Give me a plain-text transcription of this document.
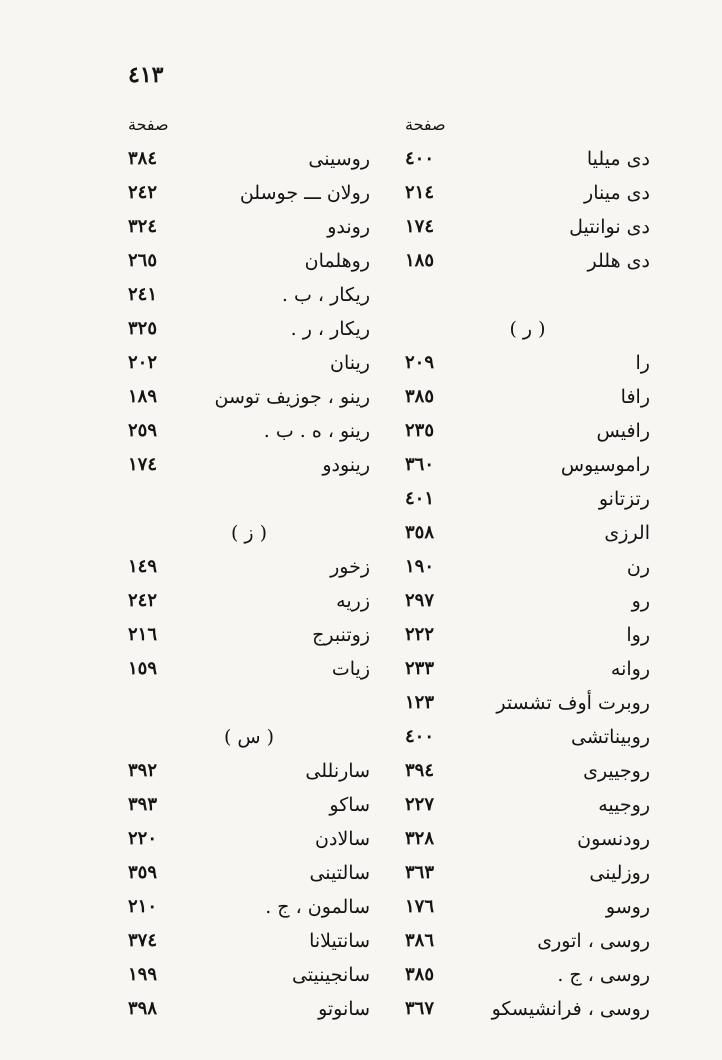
٤١٣
صفحة
دى ميليا
٤٠٠
دى مينار
٢١٤
دى نوانتيل
١٧٤
دى هللر
١٨٥
( ر )
را
٢٠٩
رافا
٣٨٥
رافيس
٢٣٥
راموسيوس
٣٦٠
رتزتانو
٤٠١
الرزى
٣٥٨
رن
١٩٠
رو
٢٩٧
روا
٢٢٢
روانه
٢٣٣
روبرت أوف تشستر
١٢٣
روبيناتشى
٤٠٠
روجييرى
٣٩٤
روجييه
٢٢٧
رودنسون
٣٢٨
روزلينى
٣٦٣
روسو
١٧٦
روسى ، اتورى
٣٨٦
روسى ، ج .
٣٨٥
روسى ، فرانشيسكو
٣٦٧
صفحة
روسينى
٣٨٤
رولان ـــ جوسلن
٢٤٢
روندو
٣٢٤
روهلمان
٢٦٥
ريكار ، ب .
٢٤١
ريكار ، ر .
٣٢٥
رينان
٢٠٢
رينو ، جوزيف توسن
١٨٩
رينو ، ه . ب .
٢٥٩
رينودو
١٧٤
( ز )
زخور
١٤٩
زريه
٢٤٢
زوتنبرج
٢١٦
زيات
١٥٩
( س )
سارنللى
٣٩٢
ساكو
٣٩٣
سالادن
٢٢٠
سالتينى
٣٥٩
سالمون ، ج .
٢١٠
سانتيلانا
٣٧٤
سانجينيتى
١٩٩
سانوتو
٣٩٨
